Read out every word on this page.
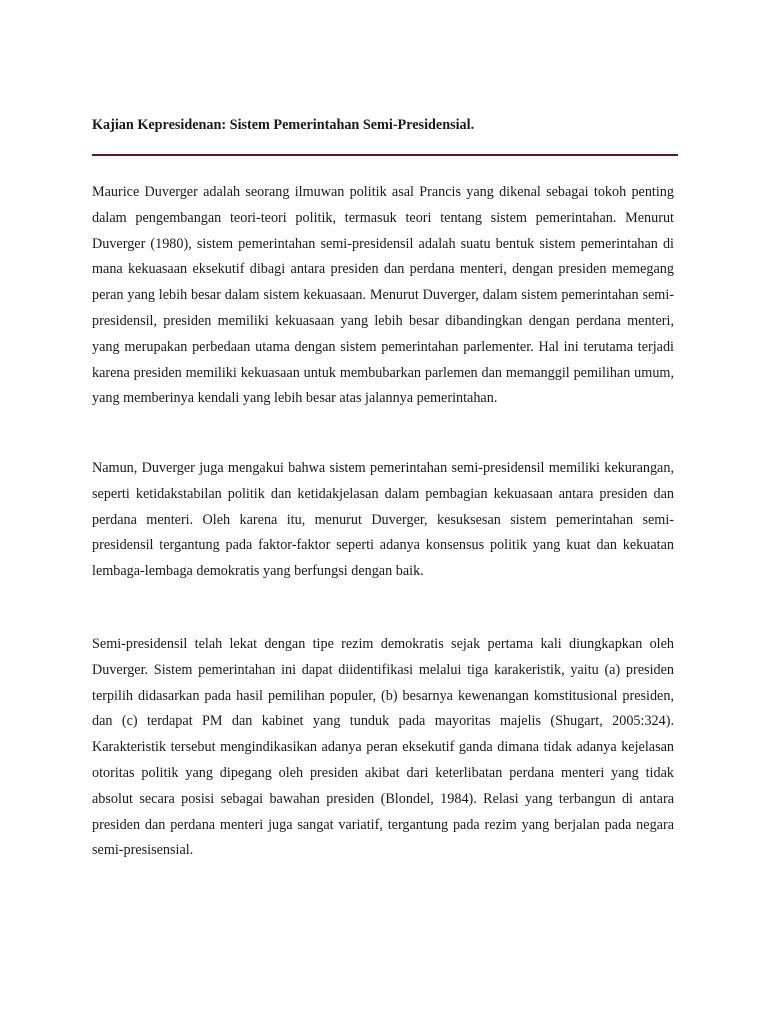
Kajian Kepresidenan: Sistem Pemerintahan Semi-Presidensial.

Maurice Duverger adalah seorang ilmuwan politik asal Prancis yang dikenal sebagai tokoh penting dalam pengembangan teori-teori politik, termasuk teori tentang sistem pemerintahan. Menurut Duverger (1980), sistem pemerintahan semi-presidensil adalah suatu bentuk sistem pemerintahan di mana kekuasaan eksekutif dibagi antara presiden dan perdana menteri, dengan presiden memegang peran yang lebih besar dalam sistem kekuasaan. Menurut Duverger, dalam sistem pemerintahan semi-presidensil, presiden memiliki kekuasaan yang lebih besar dibandingkan dengan perdana menteri, yang merupakan perbedaan utama dengan sistem pemerintahan parlementer. Hal ini terutama terjadi karena presiden memiliki kekuasaan untuk membubarkan parlemen dan memanggil pemilihan umum, yang memberinya kendali yang lebih besar atas jalannya pemerintahan.

Namun, Duverger juga mengakui bahwa sistem pemerintahan semi-presidensil memiliki kekurangan, seperti ketidakstabilan politik dan ketidakjelasan dalam pembagian kekuasaan antara presiden dan perdana menteri. Oleh karena itu, menurut Duverger, kesuksesan sistem pemerintahan semi-presidensil tergantung pada faktor-faktor seperti adanya konsensus politik yang kuat dan kekuatan lembaga-lembaga demokratis yang berfungsi dengan baik.

Semi-presidensil telah lekat dengan tipe rezim demokratis sejak pertama kali diungkapkan oleh Duverger. Sistem pemerintahan ini dapat diidentifikasi melalui tiga karakeristik, yaitu (a) presiden terpilih didasarkan pada hasil pemilihan populer, (b) besarnya kewenangan komstitusional presiden, dan (c) terdapat PM dan kabinet yang tunduk pada mayoritas majelis (Shugart, 2005:324). Karakteristik tersebut mengindikasikan adanya peran eksekutif ganda dimana tidak adanya kejelasan otoritas politik yang dipegang oleh presiden akibat dari keterlibatan perdana menteri yang tidak absolut secara posisi sebagai bawahan presiden (Blondel, 1984). Relasi yang terbangun di antara presiden dan perdana menteri juga sangat variatif, tergantung pada rezim yang berjalan pada negara semi-presisensial.
